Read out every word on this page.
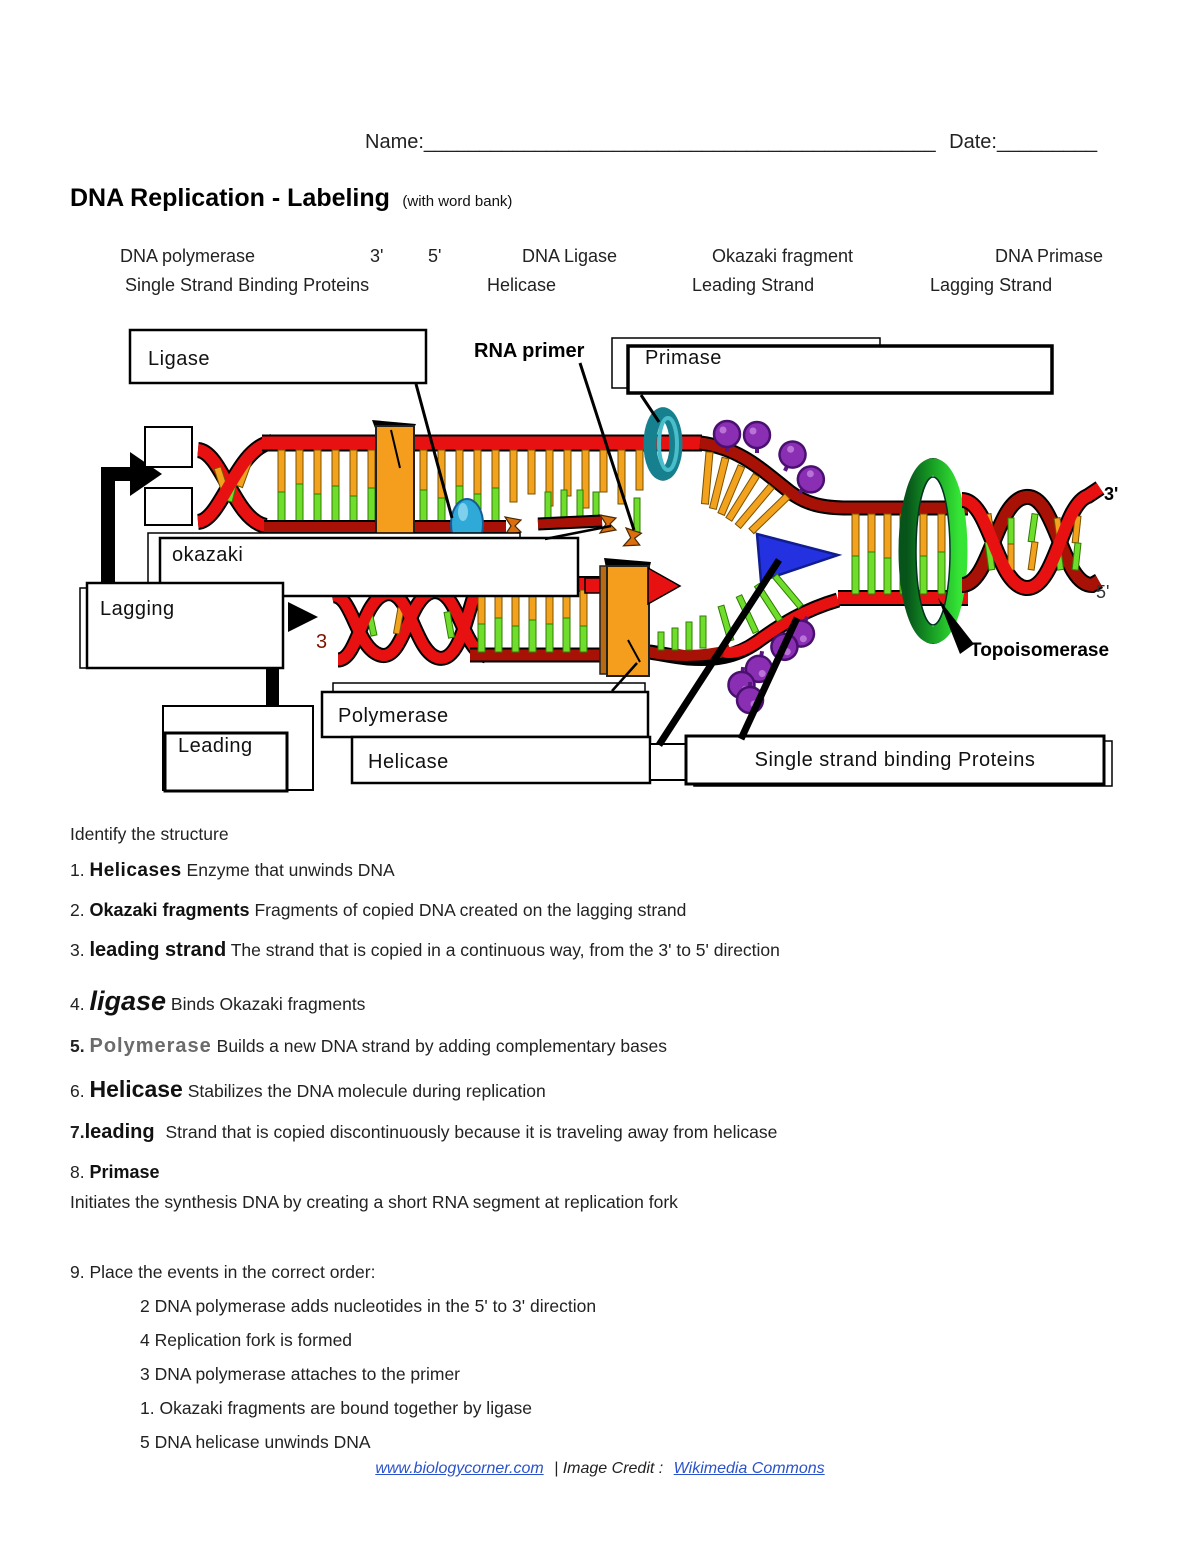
Name:______________________________________________ Date:_________
DNA Replication - Labeling (with word bank)
DNA polymerase	3' 5'	DNA Ligase	Okazaki fragment	DNA Primase
Single Strand Binding Proteins	Helicase	Leading Strand	Lagging Strand
3
Ligase	Primase
okazaki
Lagging
Leading
Polymerase
Helicase	Single strand binding Proteins
RNA primer
Topoisomerase
3'
5'
Identify the structure
1. Helicases Enzyme that unwinds DNA
2. Okazaki fragments Fragments of copied DNA created on the lagging strand
3. leading strand The strand that is copied in a continuous way, from the 3' to 5' direction
4. ligase Binds Okazaki fragments
5. Polymerase Builds a new DNA strand by adding complementary bases
6. Helicase Stabilizes the DNA molecule during replication
7.leading Strand that is copied discontinuously because it is traveling away from helicase
8. Primase
Initiates the synthesis DNA by creating a short RNA segment at replication fork
9. Place the events in the correct order:
2 DNA polymerase adds nucleotides in the 5' to 3' direction
4 Replication fork is formed
3 DNA polymerase attaches to the primer
1. Okazaki fragments are bound together by ligase
5 DNA helicase unwinds DNA
www.biologycorner.com | Image Credit : Wikimedia Commons
